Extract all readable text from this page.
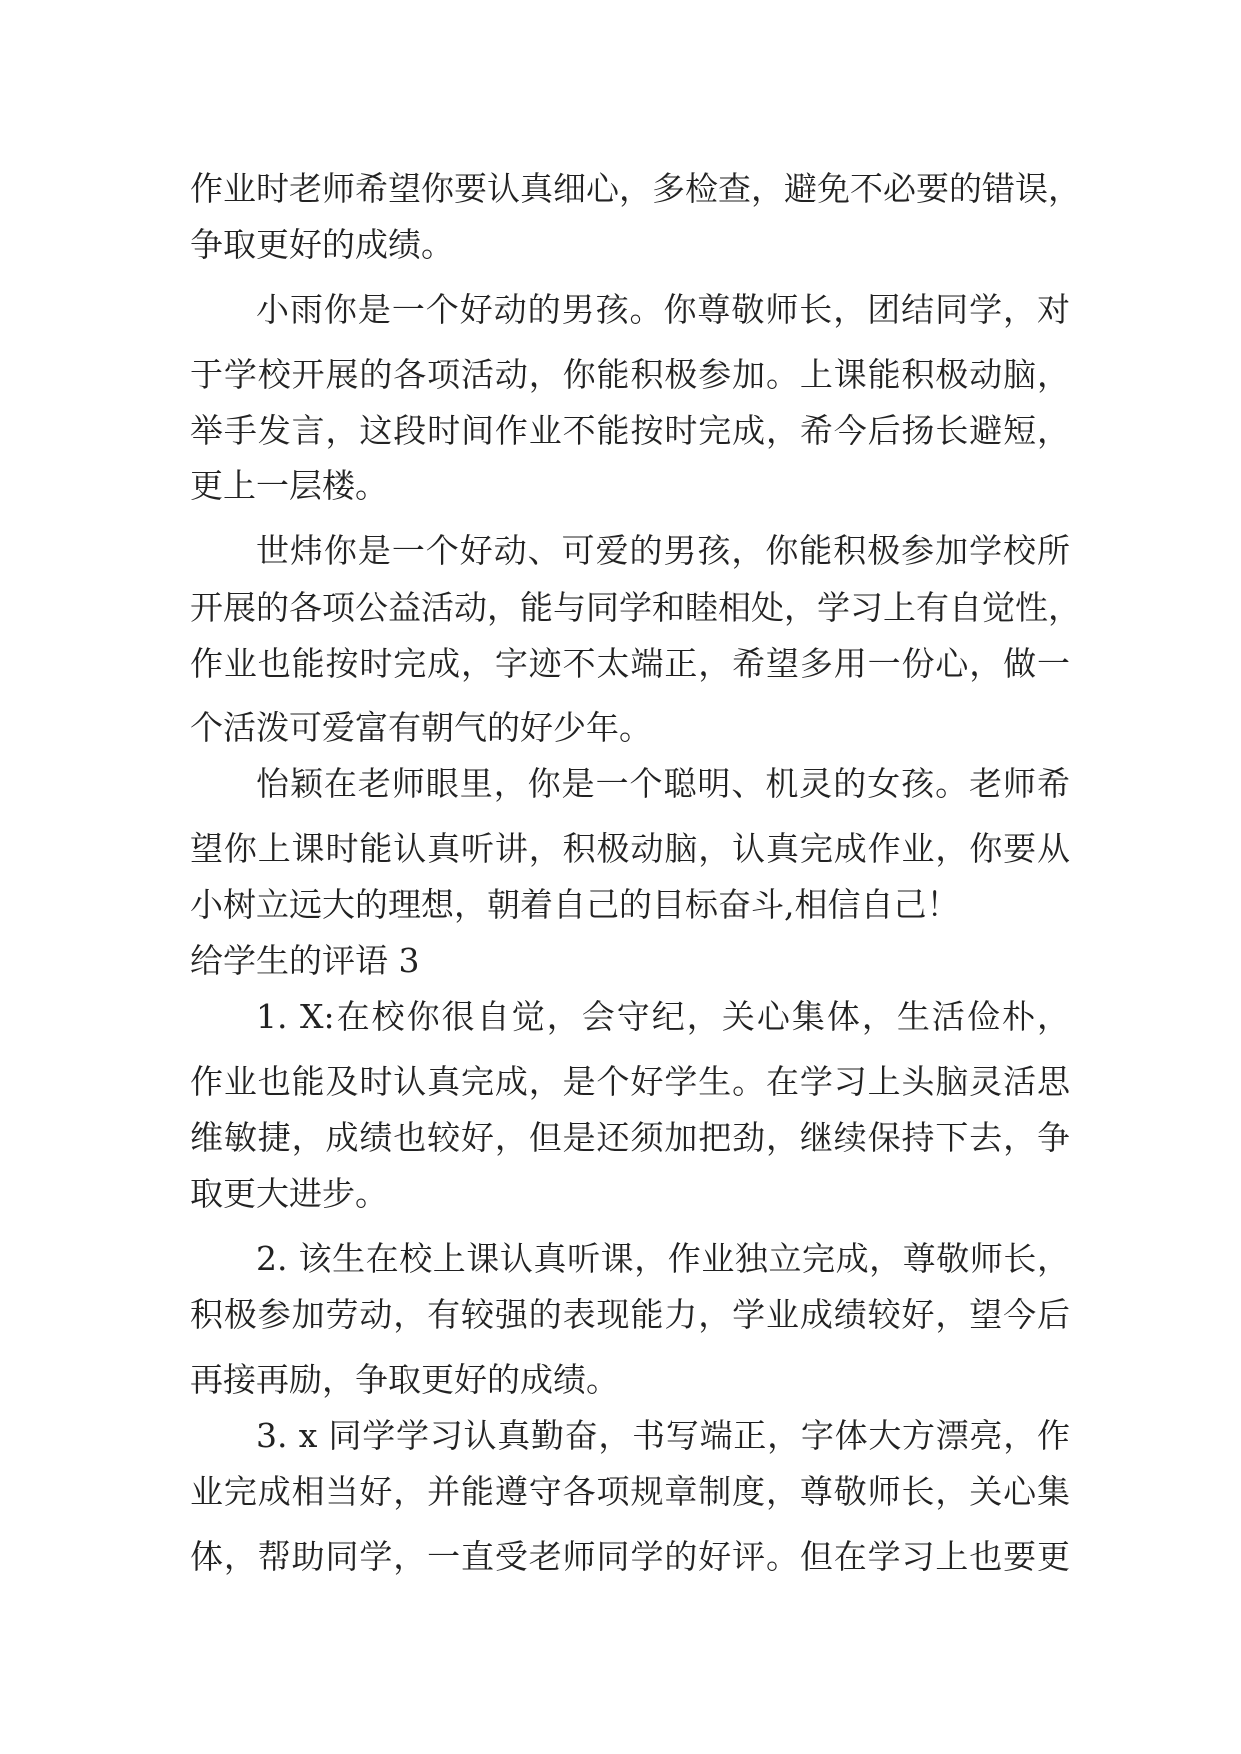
作业时老师希望你要认真细心，多检查，避免不必要的错误，
争取更好的成绩。
小雨你是一个好动的男孩。你尊敬师长，团结同学，对
于学校开展的各项活动，你能积极参加。上课能积极动脑，
举手发言，这段时间作业不能按时完成，希今后扬长避短，
更上一层楼。
世炜你是一个好动、可爱的男孩，你能积极参加学校所
开展的各项公益活动，能与同学和睦相处，学习上有自觉性，
作业也能按时完成，字迹不太端正，希望多用一份心，做一
个活泼可爱富有朝气的好少年。
怡颖在老师眼里，你是一个聪明、机灵的女孩。老师希
望你上课时能认真听讲，积极动脑，认真完成作业，你要从
小树立远大的理想，朝着自己的目标奋斗,相信自己！
给学生的评语 3
1. X:在校你很自觉，会守纪，关心集体，生活俭朴，
作业也能及时认真完成，是个好学生。在学习上头脑灵活思
维敏捷，成绩也较好，但是还须加把劲，继续保持下去，争
取更大进步。
2. 该生在校上课认真听课，作业独立完成，尊敬师长，
积极参加劳动，有较强的表现能力，学业成绩较好，望今后
再接再励，争取更好的成绩。
3. x 同学学习认真勤奋，书写端正，字体大方漂亮，作
业完成相当好，并能遵守各项规章制度，尊敬师长，关心集
体，帮助同学，一直受老师同学的好评。但在学习上也要更
